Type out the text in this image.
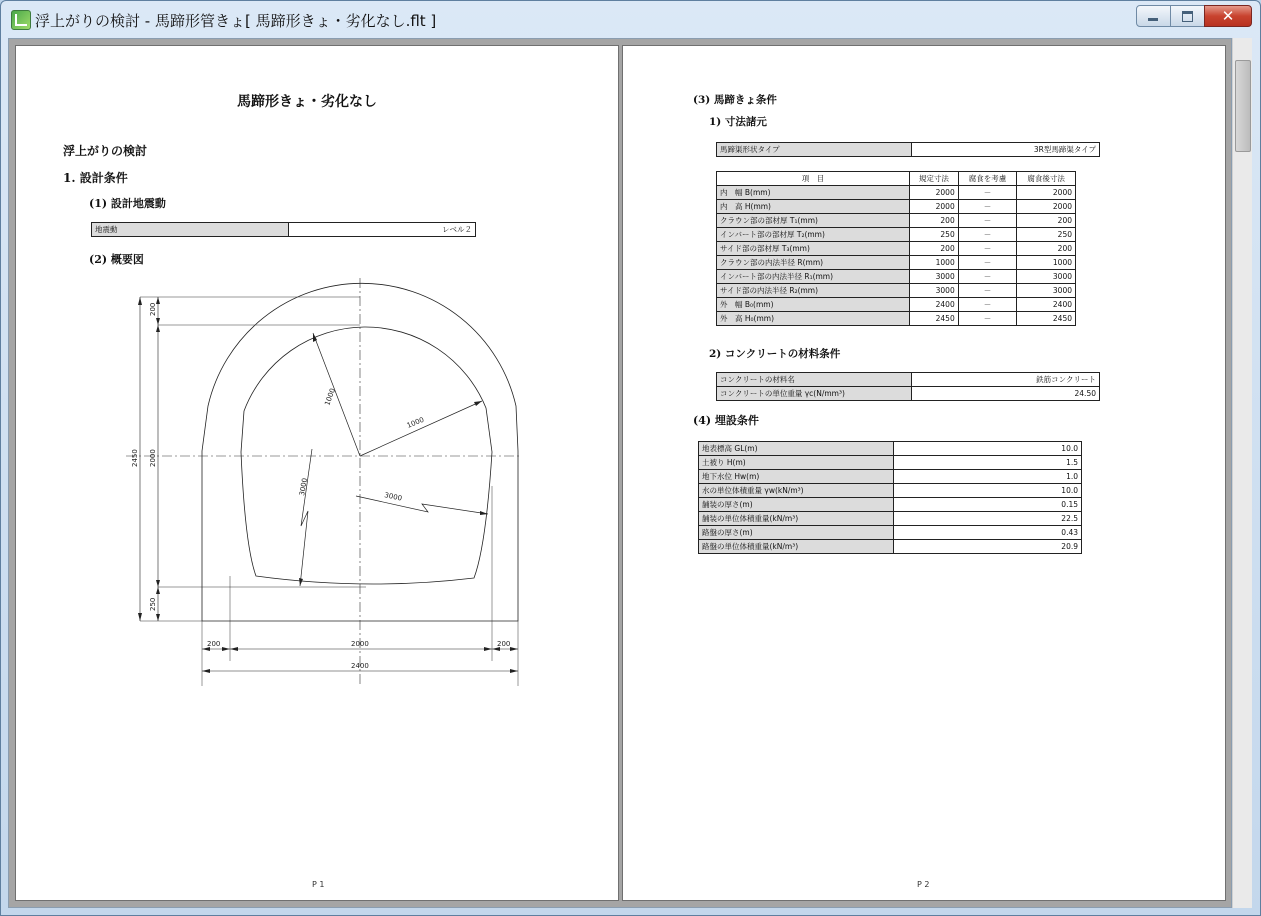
浮上がりの検討 - 馬蹄形管きょ[ 馬蹄形きょ・劣化なし.flt ]	✕
馬蹄形きょ・劣化なし
浮上がりの検討
1. 設計条件
(1) 設計地震動
地震動	レベル２
(2) 概要図
200
2000
2450
250
1000
1000
3000
3000
200	2000	200
2400
P 1
(3) 馬蹄きょ条件
1) 寸法諸元
馬蹄渠形状タイプ	3R型馬蹄渠タイプ
項　目	規定寸法	腐食を考慮	腐食後寸法
内　幅 B(mm)	2000	－	2000
内　高 H(mm)	2000	－	2000
クラウン部の部材厚 T₁(mm)	200	－	200
インバート部の部材厚 T₂(mm)	250	－	250
サイド部の部材厚 T₃(mm)	200	－	200
クラウン部の内法半径 R(mm)	1000	－	1000
インバート部の内法半径 R₁(mm)	3000	－	3000
サイド部の内法半径 R₂(mm)	3000	－	3000
外　幅 B₀(mm)	2400	－	2400
外　高 H₀(mm)	2450	－	2450
2) コンクリートの材料条件
コンクリートの材料名	鉄筋コンクリート
コンクリートの単位重量 γc(N/mm³)	24.50
(4) 埋設条件
地表標高 GL(m)	10.0
土被り H(m)	1.5
地下水位 Hw(m)	1.0
水の単位体積重量 γw(kN/m³)	10.0
舗装の厚さ(m)	0.15
舗装の単位体積重量(kN/m³)	22.5
路盤の厚さ(m)	0.43
路盤の単位体積重量(kN/m³)	20.9
P 2
